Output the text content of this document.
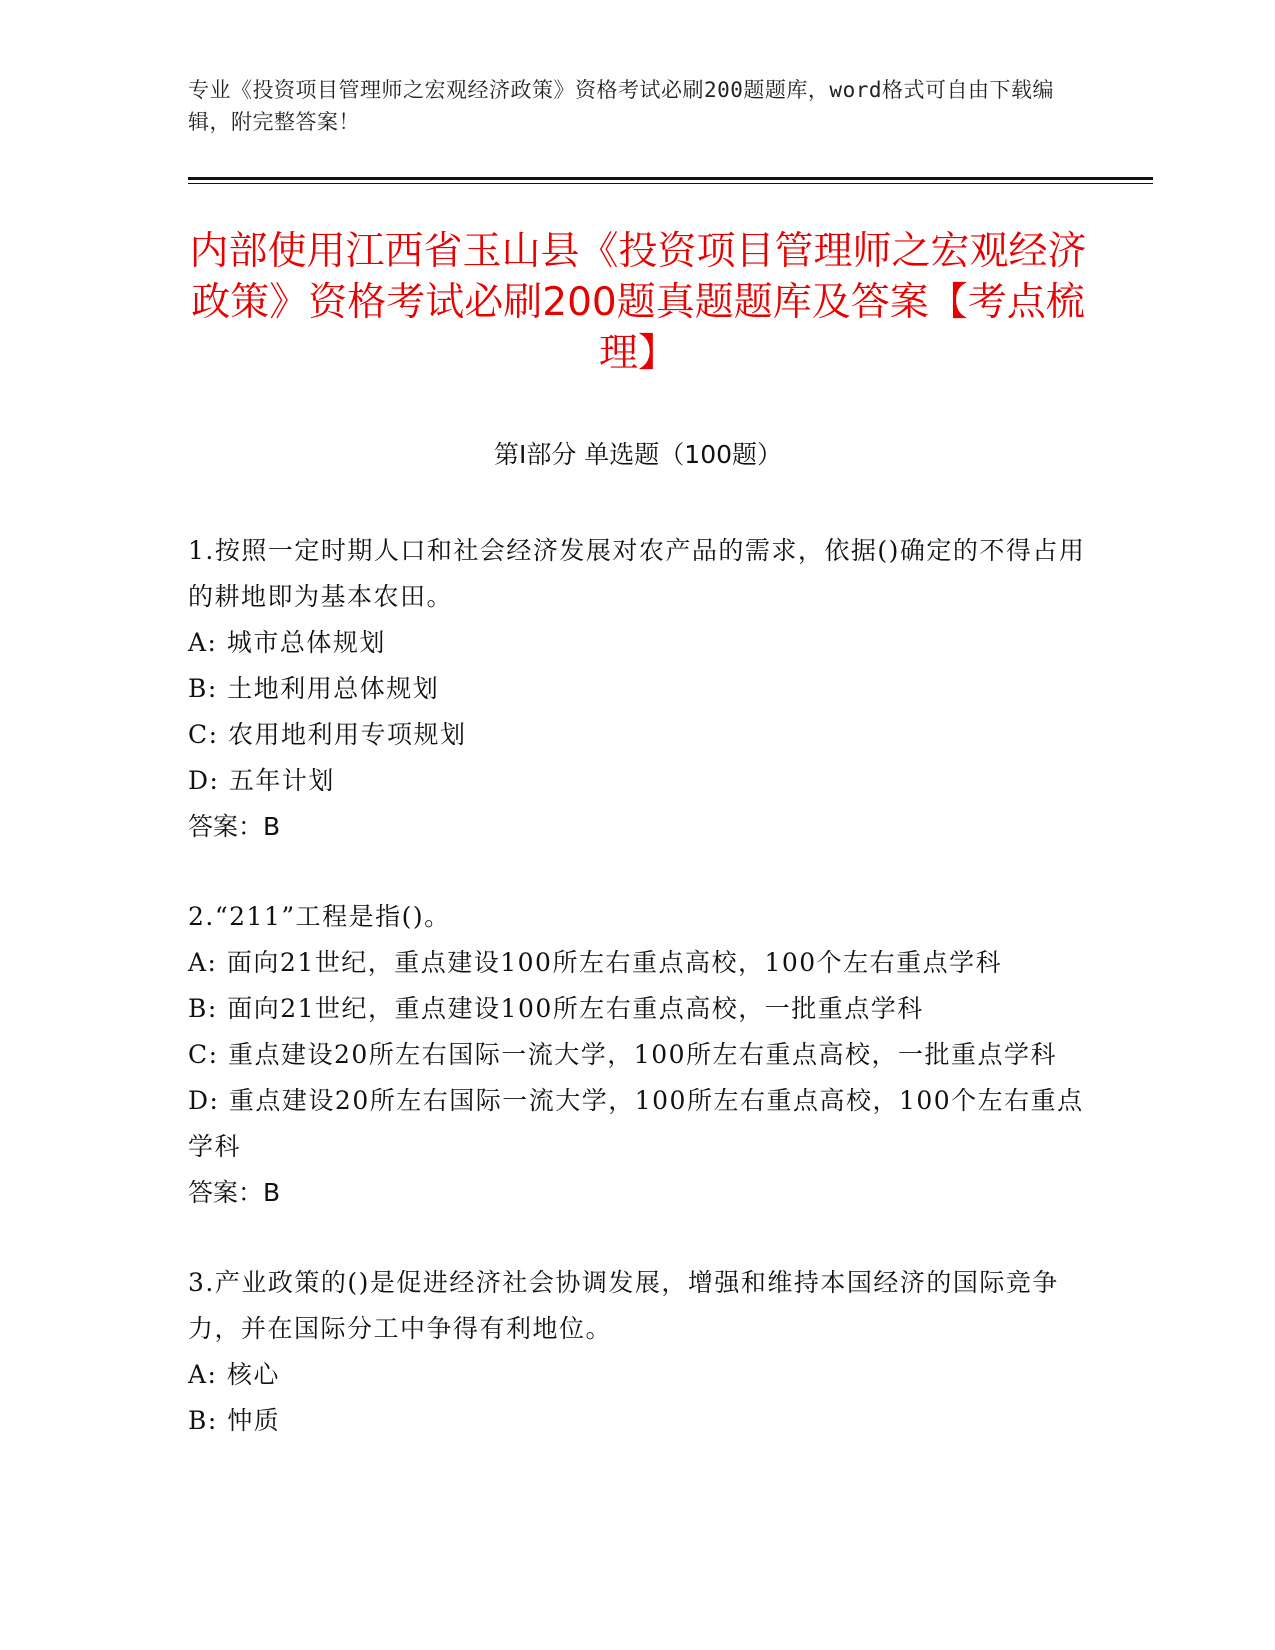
专业《投资项目管理师之宏观经济政策》资格考试必刷200题题库，word格式可自由下载编辑，附完整答案！
内部使用江西省玉山县《投资项目管理师之宏观经济政策》资格考试必刷200题真题题库及答案【考点梳理】
第Ⅰ部分 单选题（100题）
1.按照一定时期人口和社会经济发展对农产品的需求，依据()确定的不得占用的耕地即为基本农田。
A: 城市总体规划
B: 土地利用总体规划
C: 农用地利用专项规划
D: 五年计划
答案：B
2.“211”工程是指()。
A: 面向21世纪，重点建设100所左右重点高校，100个左右重点学科
B: 面向21世纪，重点建设100所左右重点高校，一批重点学科
C: 重点建设20所左右国际一流大学，100所左右重点高校，一批重点学科
D: 重点建设20所左右国际一流大学，100所左右重点高校，100个左右重点学科
答案：B
3.产业政策的()是促进经济社会协调发展，增强和维持本国经济的国际竞争力，并在国际分工中争得有利地位。
A: 核心
B: 忡质
